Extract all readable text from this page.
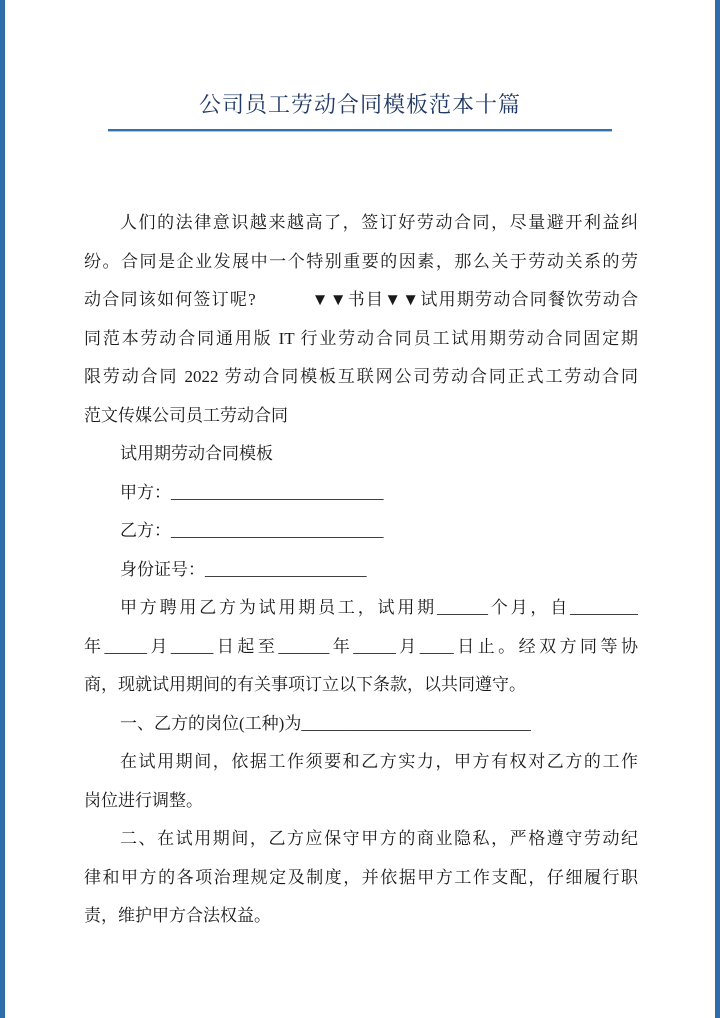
公司员工劳动合同模板范本十篇
人们的法律意识越来越高了，签订好劳动合同，尽量避开利益纠
纷。合同是企业发展中一个特别重要的因素，那么关于劳动关系的劳
动合同该如何签订呢?　　　▼▼书目▼▼试用期劳动合同餐饮劳动合
同范本劳动合同通用版 IT 行业劳动合同员工试用期劳动合同固定期
限劳动合同 2022 劳动合同模板互联网公司劳动合同正式工劳动合同
范文传媒公司员工劳动合同
试用期劳动合同模板
甲方：_________________________
乙方：_________________________
身份证号：___________________
甲方聘用乙方为试用期员工，试用期______个月，自________
年_____月_____日起至______年_____月____日止。经双方同等协
商，现就试用期间的有关事项订立以下条款，以共同遵守。
一、乙方的岗位(工种)为___________________________
在试用期间，依据工作须要和乙方实力，甲方有权对乙方的工作
岗位进行调整。
二、在试用期间，乙方应保守甲方的商业隐私，严格遵守劳动纪
律和甲方的各项治理规定及制度，并依据甲方工作支配，仔细履行职
责，维护甲方合法权益。
